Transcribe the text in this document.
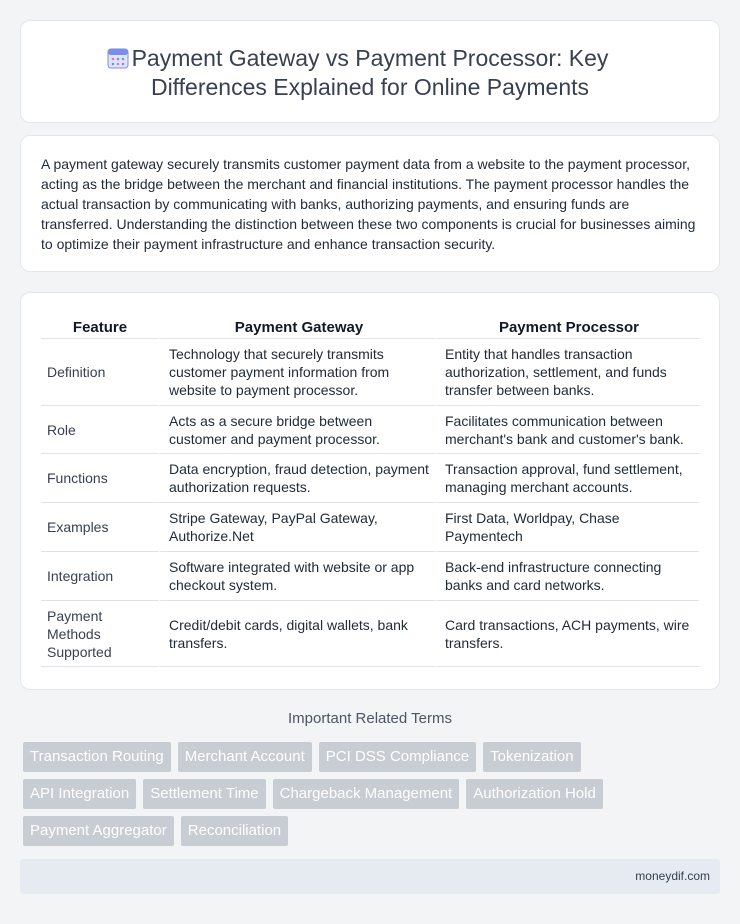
Payment Gateway vs Payment Processor: Key Differences Explained for Online Payments

A payment gateway securely transmits customer payment data from a website to the payment processor, acting as the bridge between the merchant and financial institutions. The payment processor handles the actual transaction by communicating with banks, authorizing payments, and ensuring funds are transferred. Understanding the distinction between these two components is crucial for businesses aiming to optimize their payment infrastructure and enhance transaction security.

Feature	Payment Gateway	Payment Processor
Definition	Technology that securely transmits customer payment information from website to payment processor.	Entity that handles transaction authorization, settlement, and funds transfer between banks.
Role	Acts as a secure bridge between customer and payment processor.	Facilitates communication between merchant's bank and customer's bank.
Functions	Data encryption, fraud detection, payment authorization requests.	Transaction approval, fund settlement, managing merchant accounts.
Examples	Stripe Gateway, PayPal Gateway, Authorize.Net	First Data, Worldpay, Chase Paymentech
Integration	Software integrated with website or app checkout system.	Back-end infrastructure connecting banks and card networks.
Payment Methods Supported	Credit/debit cards, digital wallets, bank transfers.	Card transactions, ACH payments, wire transfers.
Important Related Terms
Transaction Routing	Merchant Account	PCI DSS Compliance	Tokenization
API Integration	Settlement Time	Chargeback Management	Authorization Hold
Payment Aggregator	Reconciliation
moneydif.com
